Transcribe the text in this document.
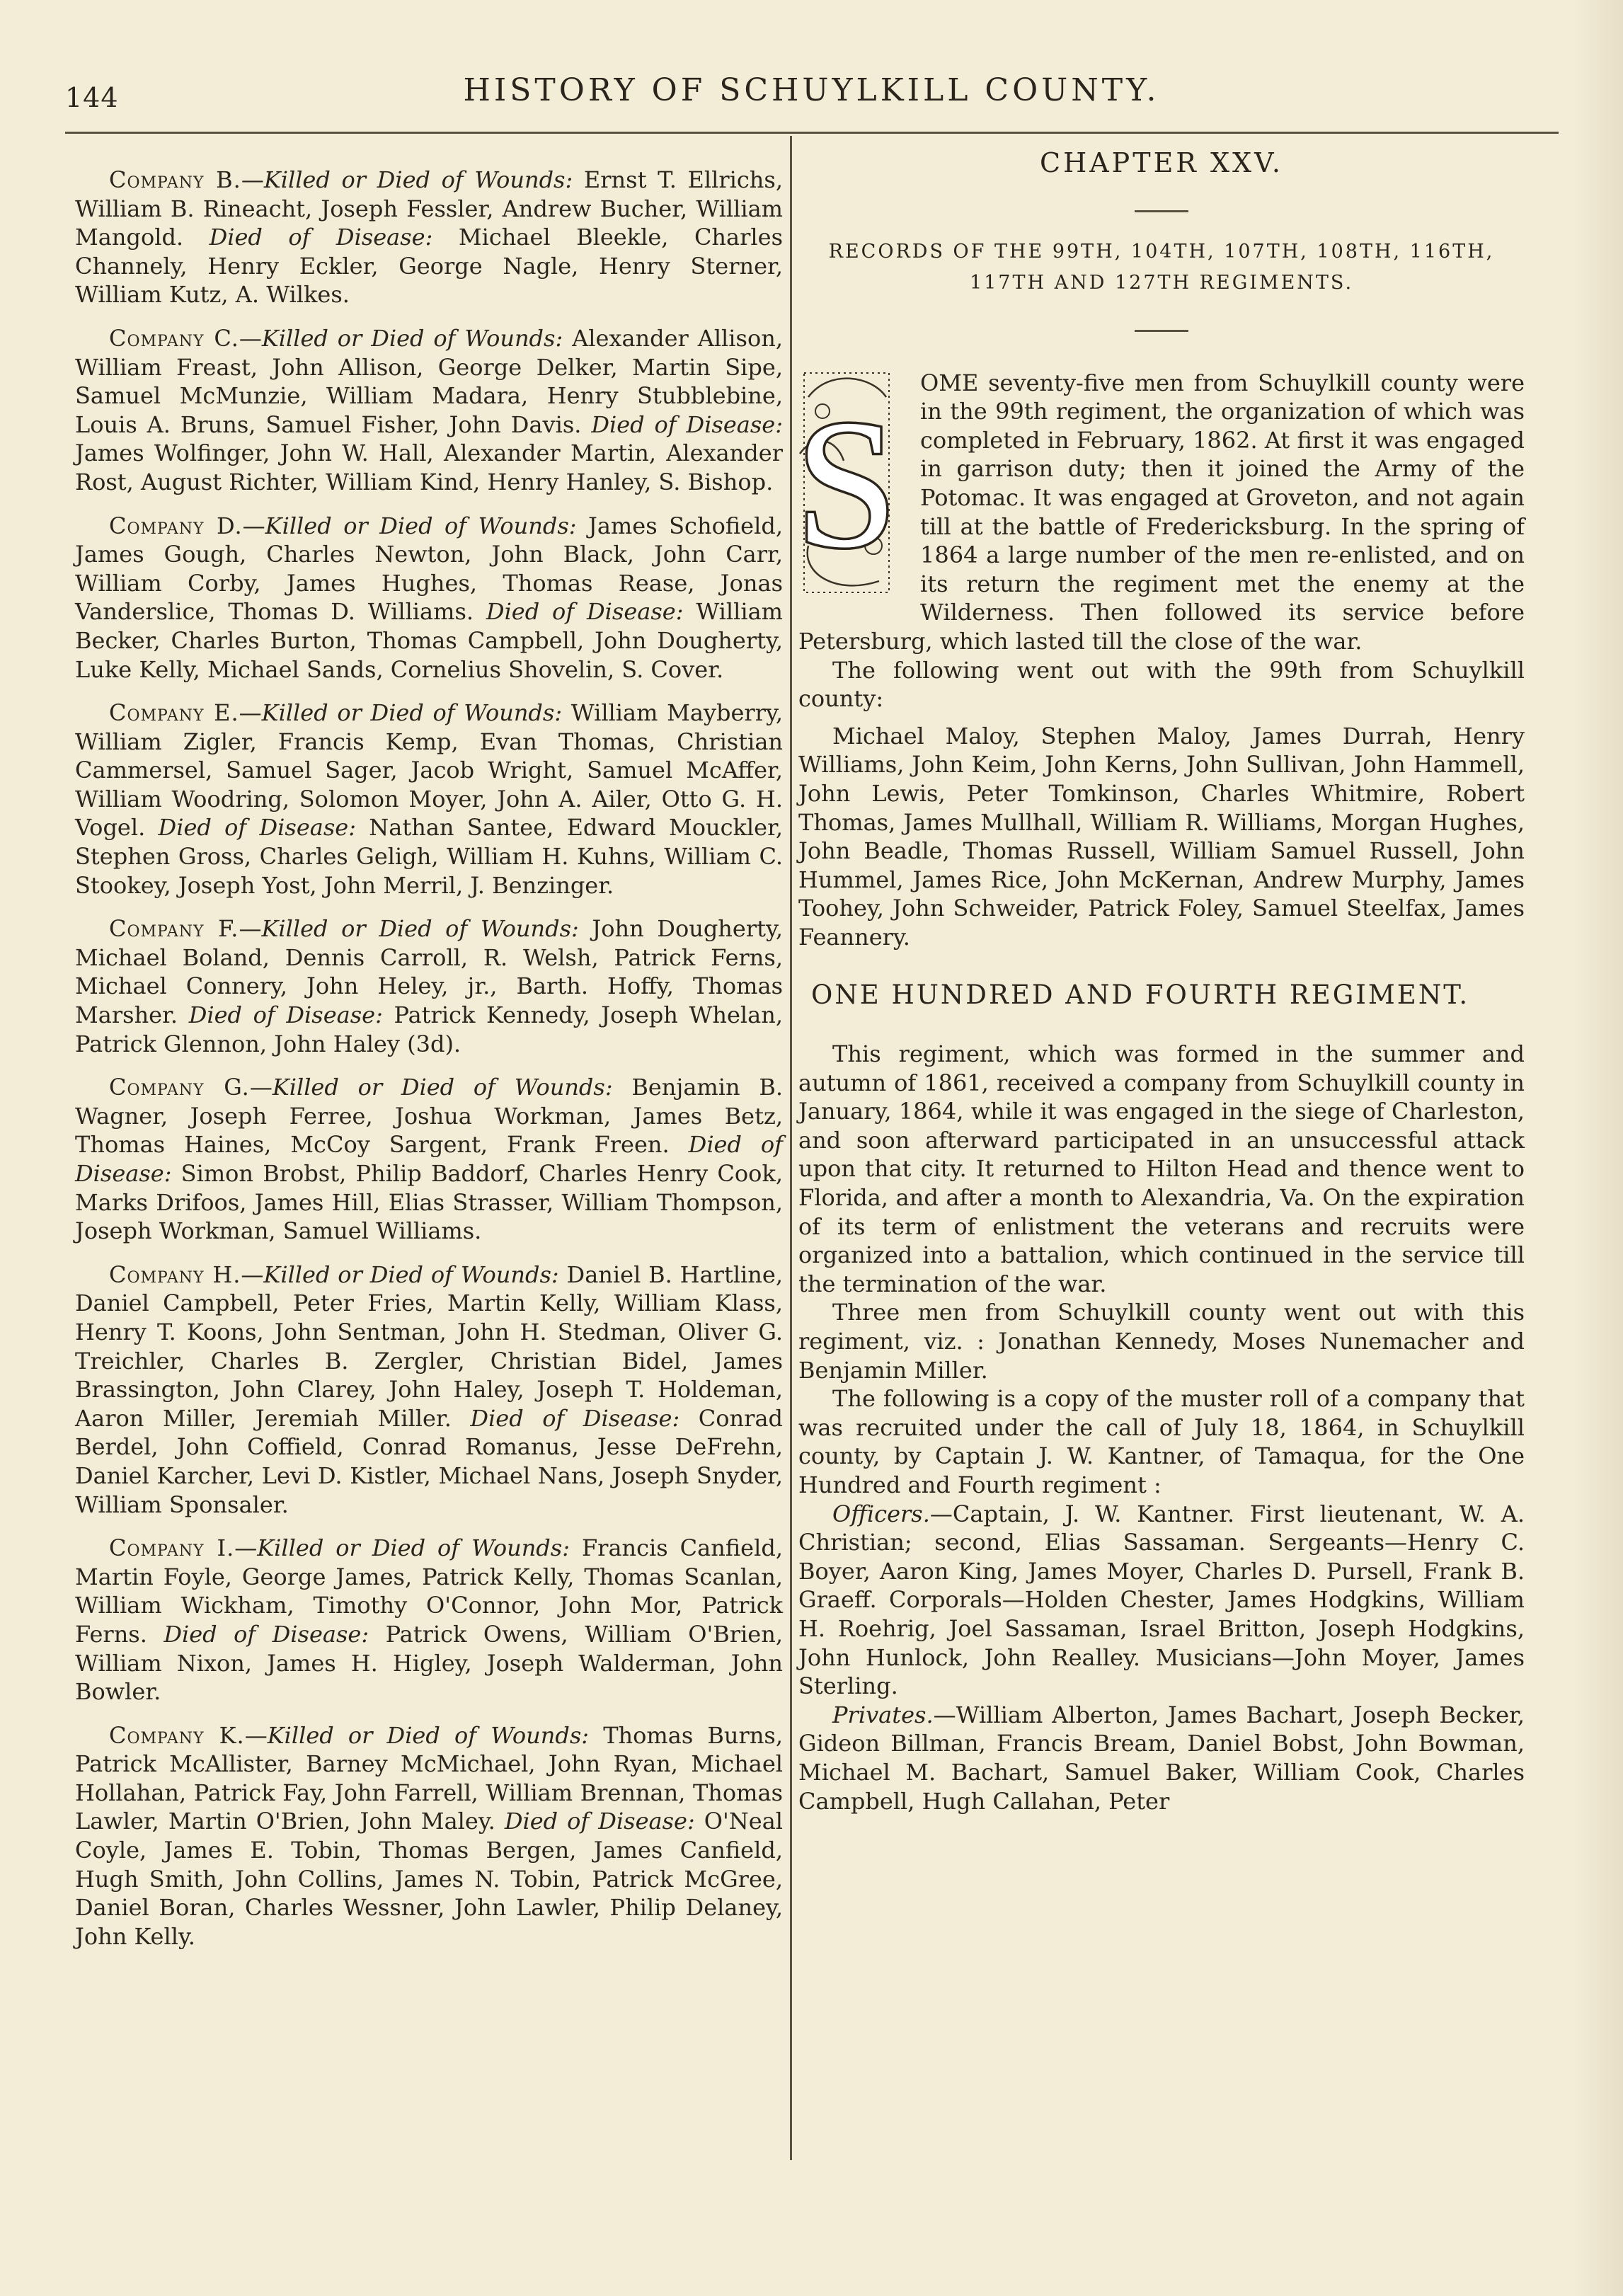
144	HISTORY OF SCHUYLKILL COUNTY.

Company B.—Killed or Died of Wounds: Ernst T. Ellrichs, William B. Rineacht, Joseph Fessler, Andrew Bucher, William Mangold. Died of Disease: Michael Bleekle, Charles Channely, Henry Eckler, George Nagle, Henry Sterner, William Kutz, A. Wilkes.

Company C.—Killed or Died of Wounds: Alexander Allison, William Freast, John Allison, George Delker, Martin Sipe, Samuel McMunzie, William Madara, Henry Stubblebine, Louis A. Bruns, Samuel Fisher, John Davis. Died of Disease: James Wolfinger, John W. Hall, Alexander Martin, Alexander Rost, August Richter, William Kind, Henry Hanley, S. Bishop.

Company D.—Killed or Died of Wounds: James Schofield, James Gough, Charles Newton, John Black, John Carr, William Corby, James Hughes, Thomas Rease, Jonas Vanderslice, Thomas D. Williams. Died of Disease: William Becker, Charles Burton, Thomas Campbell, John Dougherty, Luke Kelly, Michael Sands, Cornelius Shovelin, S. Cover.

Company E.—Killed or Died of Wounds: William Mayberry, William Zigler, Francis Kemp, Evan Thomas, Christian Cammersel, Samuel Sager, Jacob Wright, Samuel McAffer, William Woodring, Solomon Moyer, John A. Ailer, Otto G. H. Vogel. Died of Disease: Nathan Santee, Edward Mouckler, Stephen Gross, Charles Geligh, William H. Kuhns, William C. Stookey, Joseph Yost, John Merril, J. Benzinger.

Company F.—Killed or Died of Wounds: John Dougherty, Michael Boland, Dennis Carroll, R. Welsh, Patrick Ferns, Michael Connery, John Heley, jr., Barth. Hoffy, Thomas Marsher. Died of Disease: Patrick Kennedy, Joseph Whelan, Patrick Glennon, John Haley (3d).

Company G.—Killed or Died of Wounds: Benjamin B. Wagner, Joseph Ferree, Joshua Workman, James Betz, Thomas Haines, McCoy Sargent, Frank Freen. Died of Disease: Simon Brobst, Philip Baddorf, Charles Henry Cook, Marks Drifoos, James Hill, Elias Strasser, William Thompson, Joseph Workman, Samuel Williams.

Company H.—Killed or Died of Wounds: Daniel B. Hartline, Daniel Campbell, Peter Fries, Martin Kelly, William Klass, Henry T. Koons, John Sentman, John H. Stedman, Oliver G. Treichler, Charles B. Zergler, Christian Bidel, James Brassington, John Clarey, John Haley, Joseph T. Holdeman, Aaron Miller, Jeremiah Miller. Died of Disease: Conrad Berdel, John Coffield, Conrad Romanus, Jesse DeFrehn, Daniel Karcher, Levi D. Kistler, Michael Nans, Joseph Snyder, William Sponsaler.

Company I.—Killed or Died of Wounds: Francis Canfield, Martin Foyle, George James, Patrick Kelly, Thomas Scanlan, William Wickham, Timothy O'Connor, John Mor, Patrick Ferns. Died of Disease: Patrick Owens, William O'Brien, William Nixon, James H. Higley, Joseph Walderman, John Bowler.

Company K.—Killed or Died of Wounds: Thomas Burns, Patrick McAllister, Barney McMichael, John Ryan, Michael Hollahan, Patrick Fay, John Farrell, William Brennan, Thomas Lawler, Martin O'Brien, John Maley. Died of Disease: O'Neal Coyle, James E. Tobin, Thomas Bergen, James Canfield, Hugh Smith, John Collins, James N. Tobin, Patrick McGree, Daniel Boran, Charles Wessner, John Lawler, Philip Delaney, John Kelly.

CHAPTER XXV.
RECORDS OF THE 99TH, 104TH, 107TH, 108TH, 116TH, 117TH AND 127TH REGIMENTS.
S OME seventy-five men from Schuylkill county were in the 99th regiment, the organization of which was completed in February, 1862. At first it was engaged in garrison duty; then it joined the Army of the Potomac. It was engaged at Groveton, and not again till at the battle of Fredericksburg. In the spring of 1864 a large number of the men re-enlisted, and on its return the regiment met the enemy at the Wilderness. Then followed its service before Petersburg, which lasted till the close of the war.

The following went out with the 99th from Schuylkill county:

Michael Maloy, Stephen Maloy, James Durrah, Henry Williams, John Keim, John Kerns, John Sullivan, John Hammell, John Lewis, Peter Tomkinson, Charles Whitmire, Robert Thomas, James Mullhall, William R. Williams, Morgan Hughes, John Beadle, Thomas Russell, William Samuel Russell, John Hummel, James Rice, John McKernan, Andrew Murphy, James Toohey, John Schweider, Patrick Foley, Samuel Steelfax, James Feannery.

ONE HUNDRED AND FOURTH REGIMENT.

This regiment, which was formed in the summer and autumn of 1861, received a company from Schuylkill county in January, 1864, while it was engaged in the siege of Charleston, and soon afterward participated in an unsuccessful attack upon that city. It returned to Hilton Head and thence went to Florida, and after a month to Alexandria, Va. On the expiration of its term of enlistment the veterans and recruits were organized into a battalion, which continued in the service till the termination of the war.

Three men from Schuylkill county went out with this regiment, viz. : Jonathan Kennedy, Moses Nunemacher and Benjamin Miller.

The following is a copy of the muster roll of a company that was recruited under the call of July 18, 1864, in Schuylkill county, by Captain J. W. Kantner, of Tamaqua, for the One Hundred and Fourth regiment :

Officers.—Captain, J. W. Kantner. First lieutenant, W. A. Christian; second, Elias Sassaman. Sergeants—Henry C. Boyer, Aaron King, James Moyer, Charles D. Pursell, Frank B. Graeff. Corporals—Holden Chester, James Hodgkins, William H. Roehrig, Joel Sassaman, Israel Britton, Joseph Hodgkins, John Hunlock, John Realley. Musicians—John Moyer, James Sterling.

Privates.—William Alberton, James Bachart, Joseph Becker, Gideon Billman, Francis Bream, Daniel Bobst, John Bowman, Michael M. Bachart, Samuel Baker, William Cook, Charles Campbell, Hugh Callahan, Peter
